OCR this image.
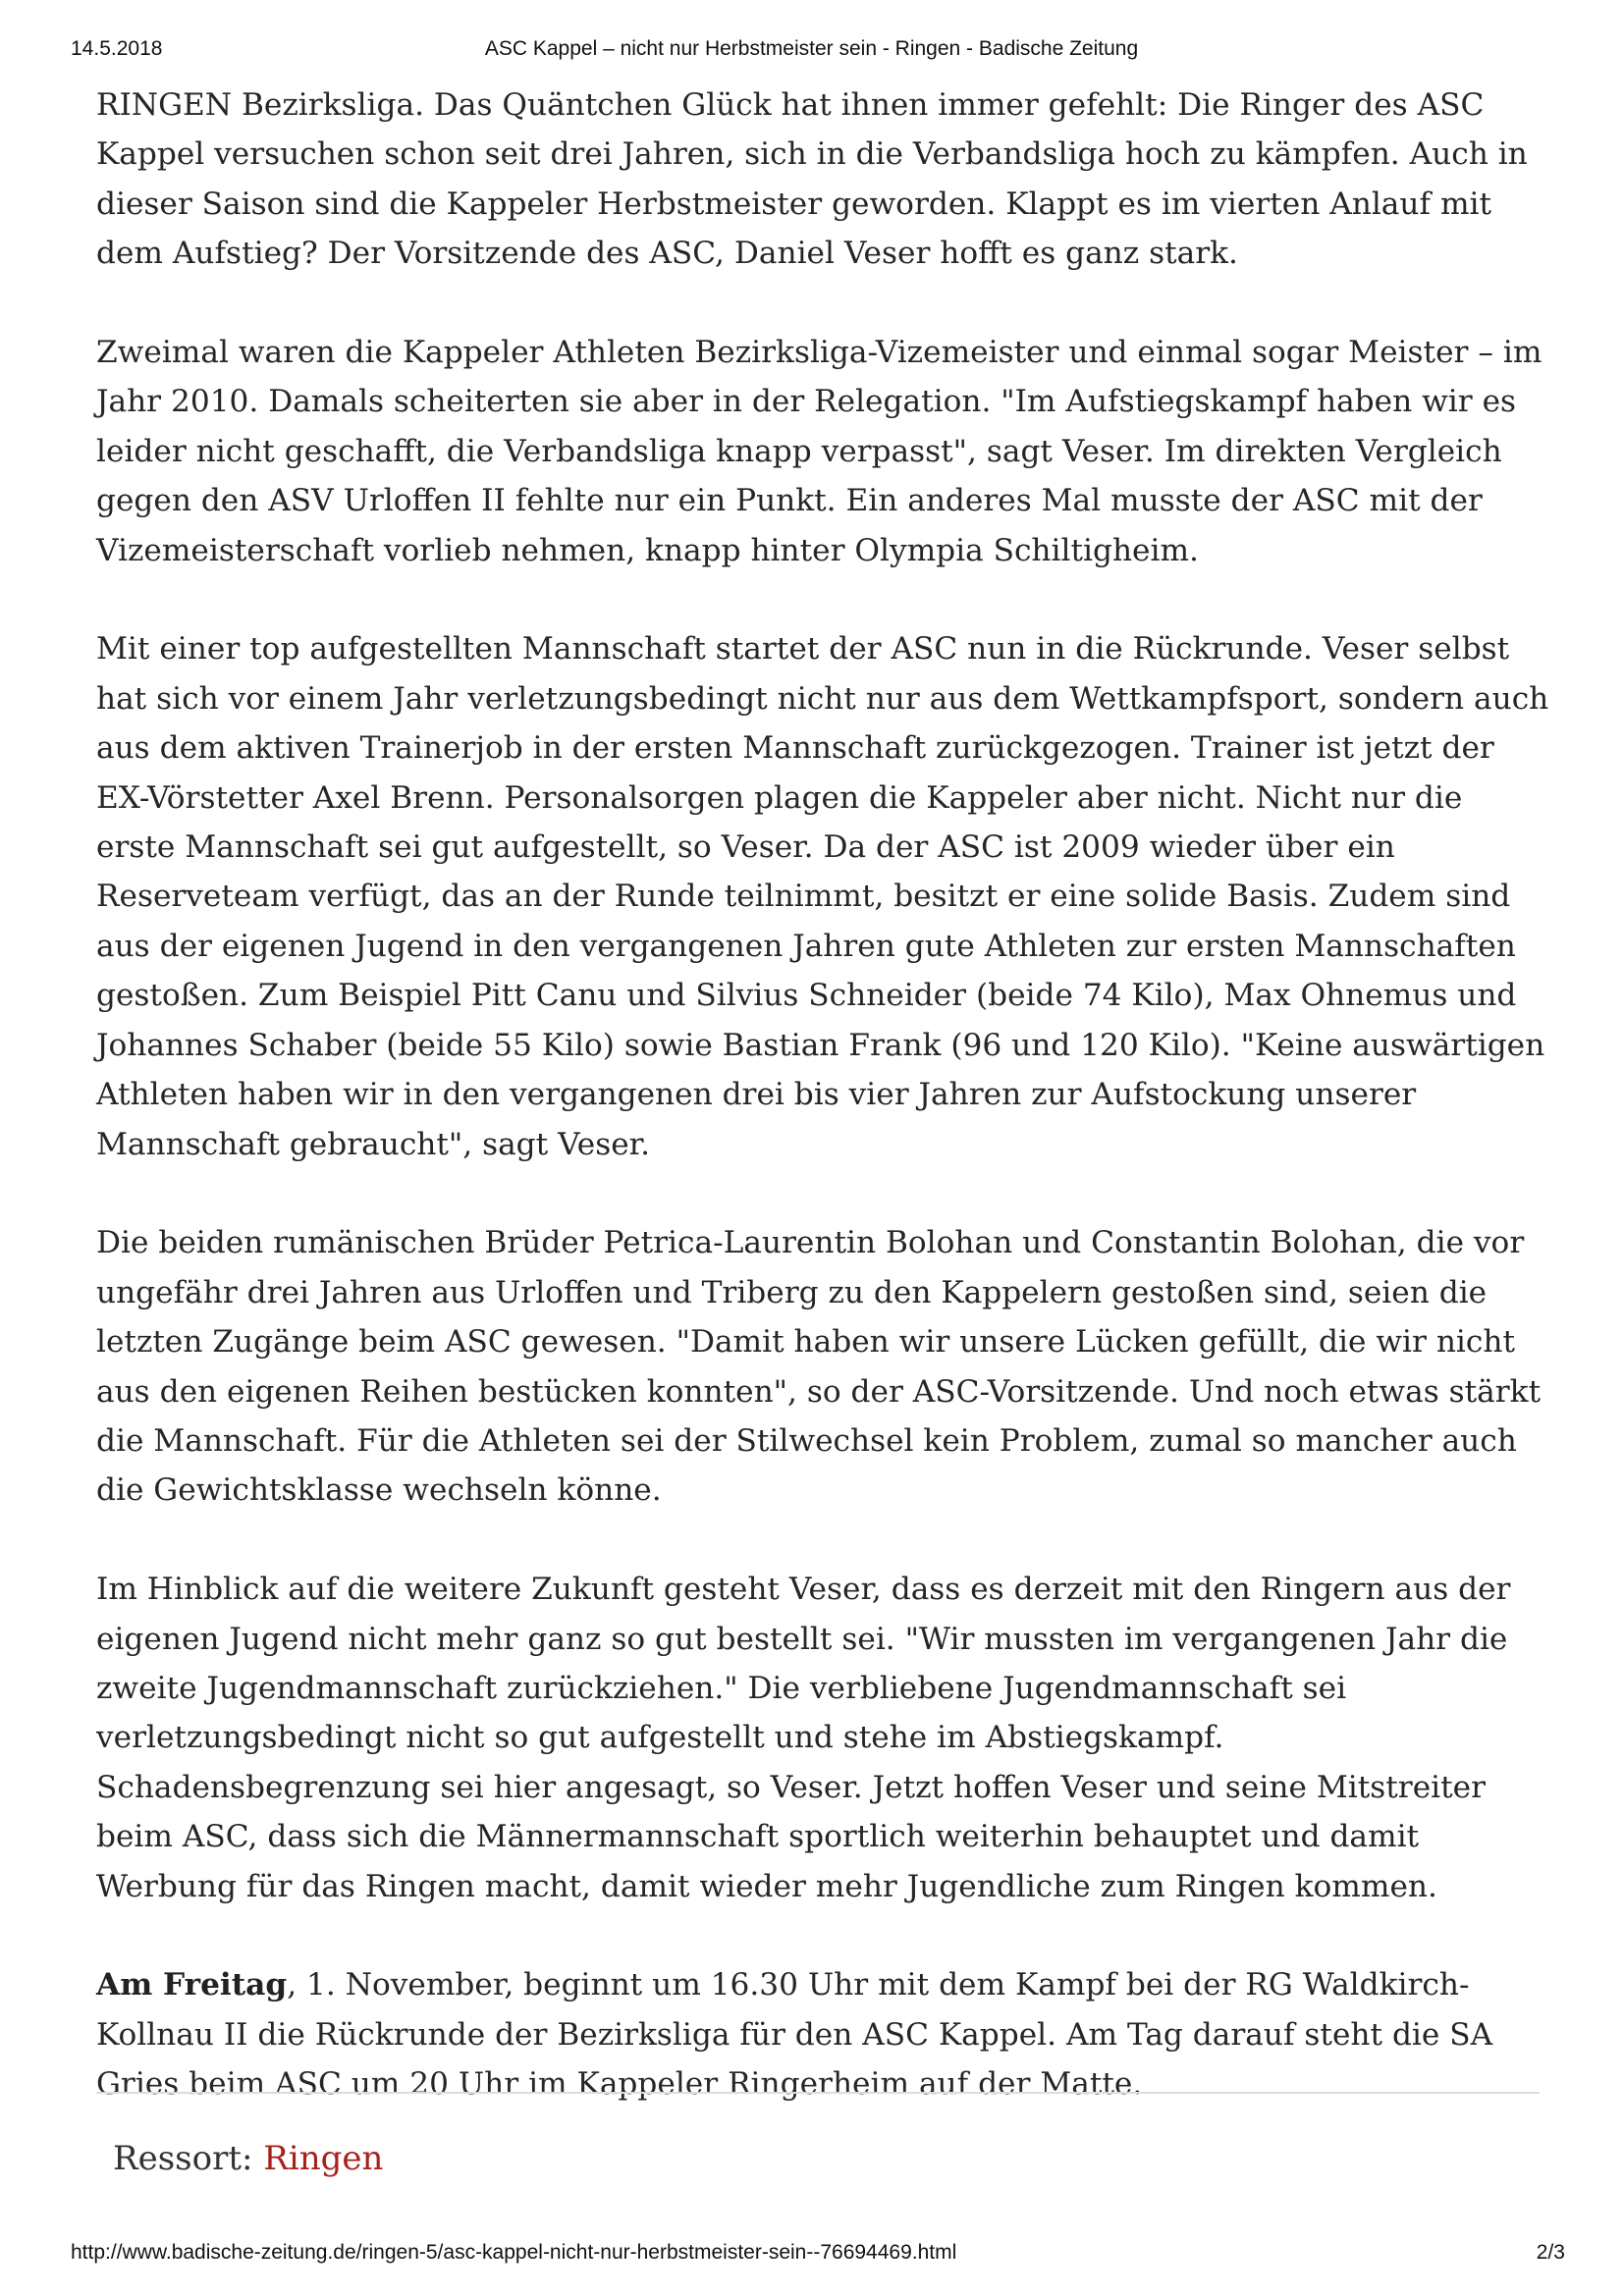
14.5.2018	ASC Kappel – nicht nur Herbstmeister sein - Ringen - Badische Zeitung

RINGEN Bezirksliga. Das Quäntchen Glück hat ihnen immer gefehlt: Die Ringer des ASC Kappel versuchen schon seit drei Jahren, sich in die Verbandsliga hoch zu kämpfen. Auch in dieser Saison sind die Kappeler Herbstmeister geworden. Klappt es im vierten Anlauf mit dem Aufstieg? Der Vorsitzende des ASC, Daniel Veser hofft es ganz stark.

Zweimal waren die Kappeler Athleten Bezirksliga-Vizemeister und einmal sogar Meister – im Jahr 2010. Damals scheiterten sie aber in der Relegation. "Im Aufstiegskampf haben wir es leider nicht geschafft, die Verbandsliga knapp verpasst", sagt Veser. Im direkten Vergleich gegen den ASV Urloffen II fehlte nur ein Punkt. Ein anderes Mal musste der ASC mit der Vizemeisterschaft vorlieb nehmen, knapp hinter Olympia Schiltigheim.

Mit einer top aufgestellten Mannschaft startet der ASC nun in die Rückrunde. Veser selbst hat sich vor einem Jahr verletzungsbedingt nicht nur aus dem Wettkampfsport, sondern auch aus dem aktiven Trainerjob in der ersten Mannschaft zurückgezogen. Trainer ist jetzt der EX-Vörstetter Axel Brenn. Personalsorgen plagen die Kappeler aber nicht. Nicht nur die erste Mannschaft sei gut aufgestellt, so Veser. Da der ASC ist 2009 wieder über ein Reserveteam verfügt, das an der Runde teilnimmt, besitzt er eine solide Basis. Zudem sind aus der eigenen Jugend in den vergangenen Jahren gute Athleten zur ersten Mannschaften gestoßen. Zum Beispiel Pitt Canu und Silvius Schneider (beide 74 Kilo), Max Ohnemus und Johannes Schaber (beide 55 Kilo) sowie Bastian Frank (96 und 120 Kilo). "Keine auswärtigen Athleten haben wir in den vergangenen drei bis vier Jahren zur Aufstockung unserer Mannschaft gebraucht", sagt Veser.

Die beiden rumänischen Brüder Petrica-Laurentin Bolohan und Constantin Bolohan, die vor ungefähr drei Jahren aus Urloffen und Triberg zu den Kappelern gestoßen sind, seien die letzten Zugänge beim ASC gewesen. "Damit haben wir unsere Lücken gefüllt, die wir nicht aus den eigenen Reihen bestücken konnten", so der ASC-Vorsitzende. Und noch etwas stärkt die Mannschaft. Für die Athleten sei der Stilwechsel kein Problem, zumal so mancher auch die Gewichtsklasse wechseln könne.

Im Hinblick auf die weitere Zukunft gesteht Veser, dass es derzeit mit den Ringern aus der eigenen Jugend nicht mehr ganz so gut bestellt sei. "Wir mussten im vergangenen Jahr die zweite Jugendmannschaft zurückziehen." Die verbliebene Jugendmannschaft sei verletzungsbedingt nicht so gut aufgestellt und stehe im Abstiegskampf. Schadensbegrenzung sei hier angesagt, so Veser. Jetzt hoffen Veser und seine Mitstreiter beim ASC, dass sich die Männermannschaft sportlich weiterhin behauptet und damit Werbung für das Ringen macht, damit wieder mehr Jugendliche zum Ringen kommen.

Am Freitag, 1. November, beginnt um 16.30 Uhr mit dem Kampf bei der RG Waldkirch-Kollnau II die Rückrunde der Bezirksliga für den ASC Kappel. Am Tag darauf steht die SA Gries beim ASC um 20 Uhr im Kappeler Ringerheim auf der Matte.

Ressort: Ringen
http://www.badische-zeitung.de/ringen-5/asc-kappel-nicht-nur-herbstmeister-sein--76694469.html	2/3
